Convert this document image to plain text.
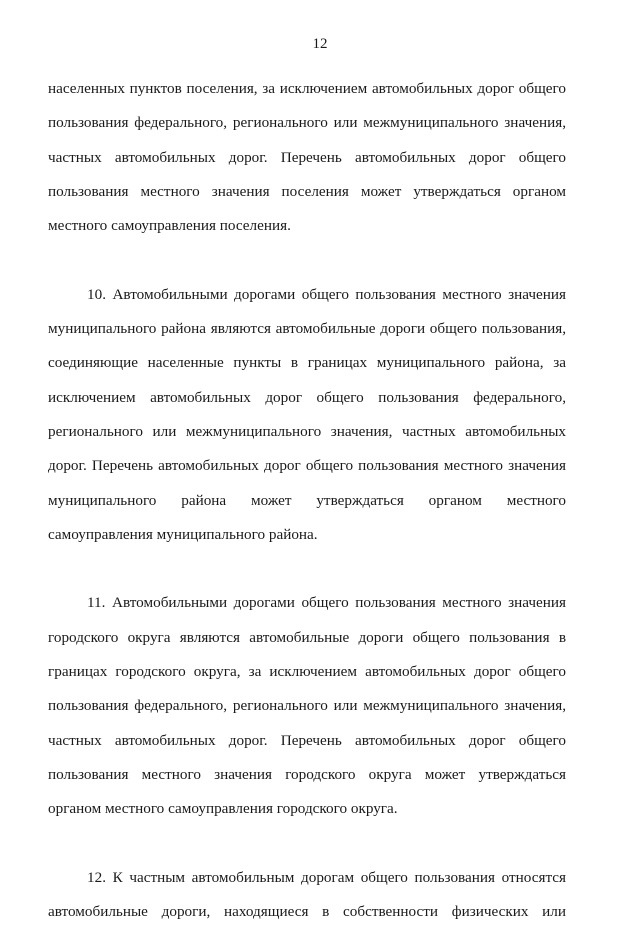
12
населенных пунктов поселения, за исключением автомобильных дорог общего
пользования федерального, регионального или межмуниципального значения,
частных автомобильных дорог. Перечень автомобильных дорог общего
пользования местного значения поселения может утверждаться органом
местного самоуправления поселения.
10. Автомобильными дорогами общего пользования местного значения
муниципального района являются автомобильные дороги общего пользования,
соединяющие населенные пункты в границах муниципального района, за
исключением автомобильных дорог общего пользования федерального,
регионального или межмуниципального значения, частных автомобильных
дорог. Перечень автомобильных дорог общего пользования местного значения
муниципального района может утверждаться органом местного
самоуправления муниципального района.
11. Автомобильными дорогами общего пользования местного значения
городского округа являются автомобильные дороги общего пользования в
границах городского округа, за исключением автомобильных дорог общего
пользования федерального, регионального или межмуниципального значения,
частных автомобильных дорог. Перечень автомобильных дорог общего
пользования местного значения городского округа может утверждаться
органом местного самоуправления городского округа.
12. К частным автомобильным дорогам общего пользования относятся
автомобильные дороги, находящиеся в собственности физических или
